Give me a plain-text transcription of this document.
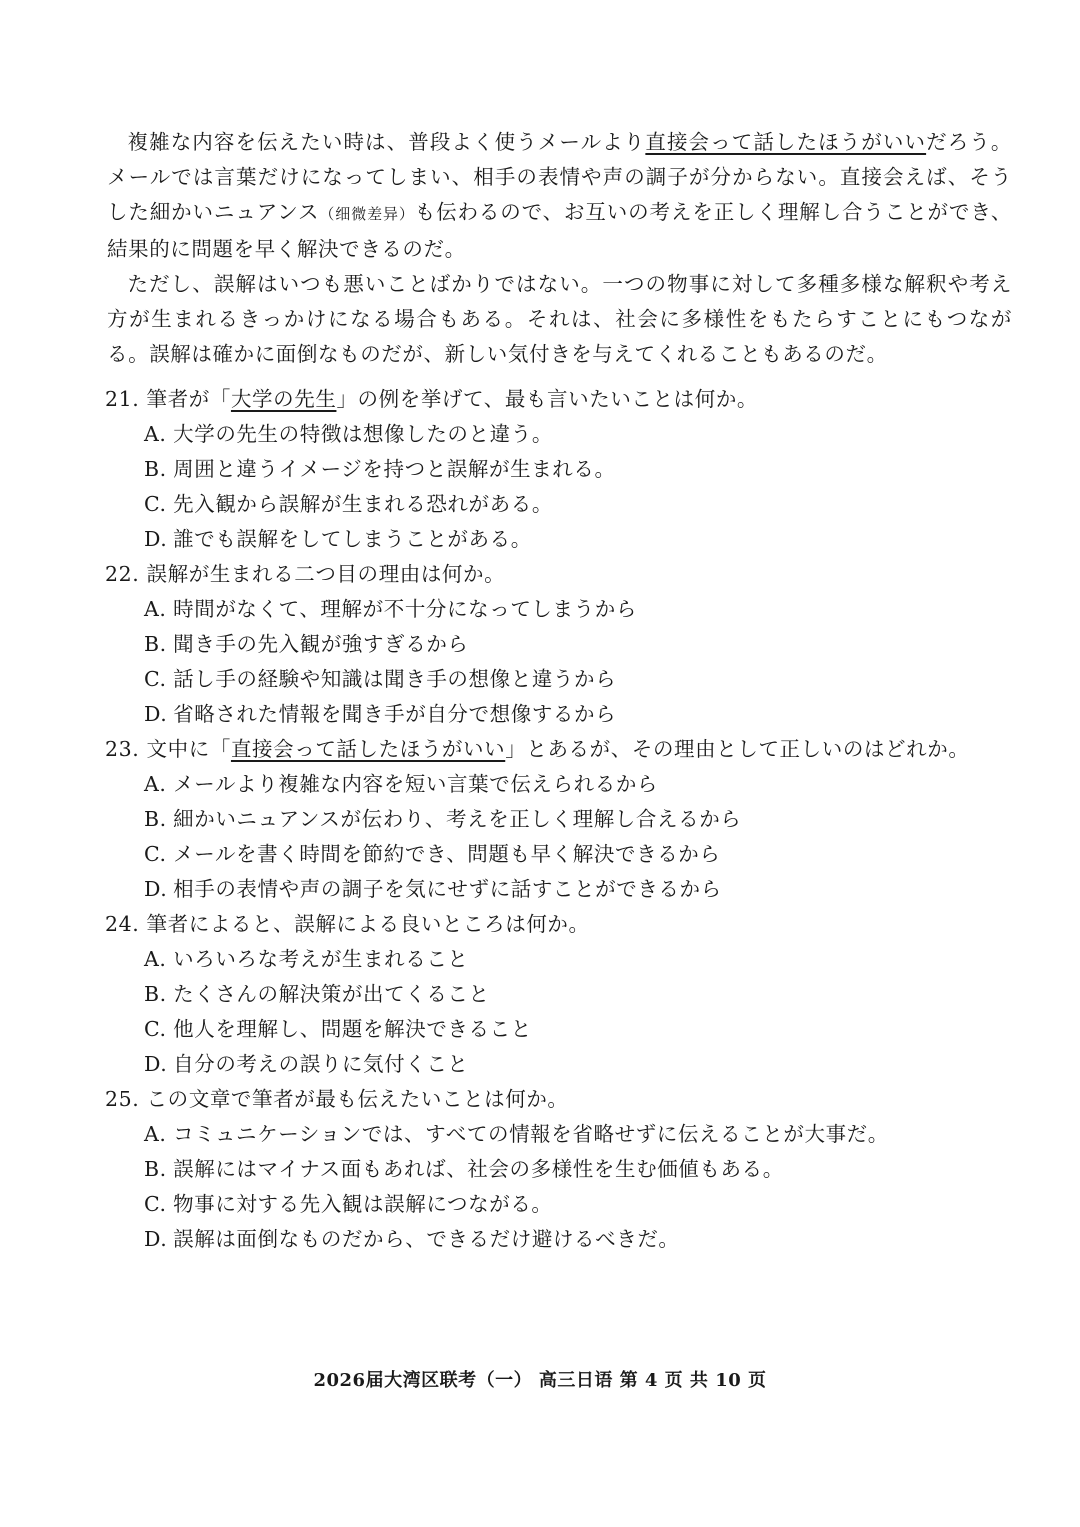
複雑な内容を伝えたい時は、普段よく使うメールより直接会って話したほうがいいだろう。メールでは言葉だけになってしまい、相手の表情や声の調子が分からない。直接会えば、そうした細かいニュアンス（细微差异）も伝わるので、お互いの考えを正しく理解し合うことができ、結果的に問題を早く解決できるのだ。

ただし、誤解はいつも悪いことばかりではない。一つの物事に対して多種多様な解釈や考え方が生まれるきっかけになる場合もある。それは、社会に多様性をもたらすことにもつながる。誤解は確かに面倒なものだが、新しい気付きを与えてくれることもあるのだ。

21. 筆者が「大学の先生」の例を挙げて、最も言いたいことは何か。
A. 大学の先生の特徴は想像したのと違う。
B. 周囲と違うイメージを持つと誤解が生まれる。
C. 先入観から誤解が生まれる恐れがある。
D. 誰でも誤解をしてしまうことがある。
22. 誤解が生まれる二つ目の理由は何か。
A. 時間がなくて、理解が不十分になってしまうから
B. 聞き手の先入観が強すぎるから
C. 話し手の経験や知識は聞き手の想像と違うから
D. 省略された情報を聞き手が自分で想像するから
23. 文中に「直接会って話したほうがいい」とあるが、その理由として正しいのはどれか。
A. メールより複雑な内容を短い言葉で伝えられるから
B. 細かいニュアンスが伝わり、考えを正しく理解し合えるから
C. メールを書く時間を節約でき、問題も早く解決できるから
D. 相手の表情や声の調子を気にせずに話すことができるから
24. 筆者によると、誤解による良いところは何か。
A. いろいろな考えが生まれること
B. たくさんの解決策が出てくること
C. 他人を理解し、問題を解決できること
D. 自分の考えの誤りに気付くこと
25. この文章で筆者が最も伝えたいことは何か。
A. コミュニケーションでは、すべての情報を省略せずに伝えることが大事だ。
B. 誤解にはマイナス面もあれば、社会の多様性を生む価値もある。
C. 物事に対する先入観は誤解につながる。
D. 誤解は面倒なものだから、できるだけ避けるべきだ。
2026届大湾区联考（一） 高三日语 第 4 页 共 10 页
